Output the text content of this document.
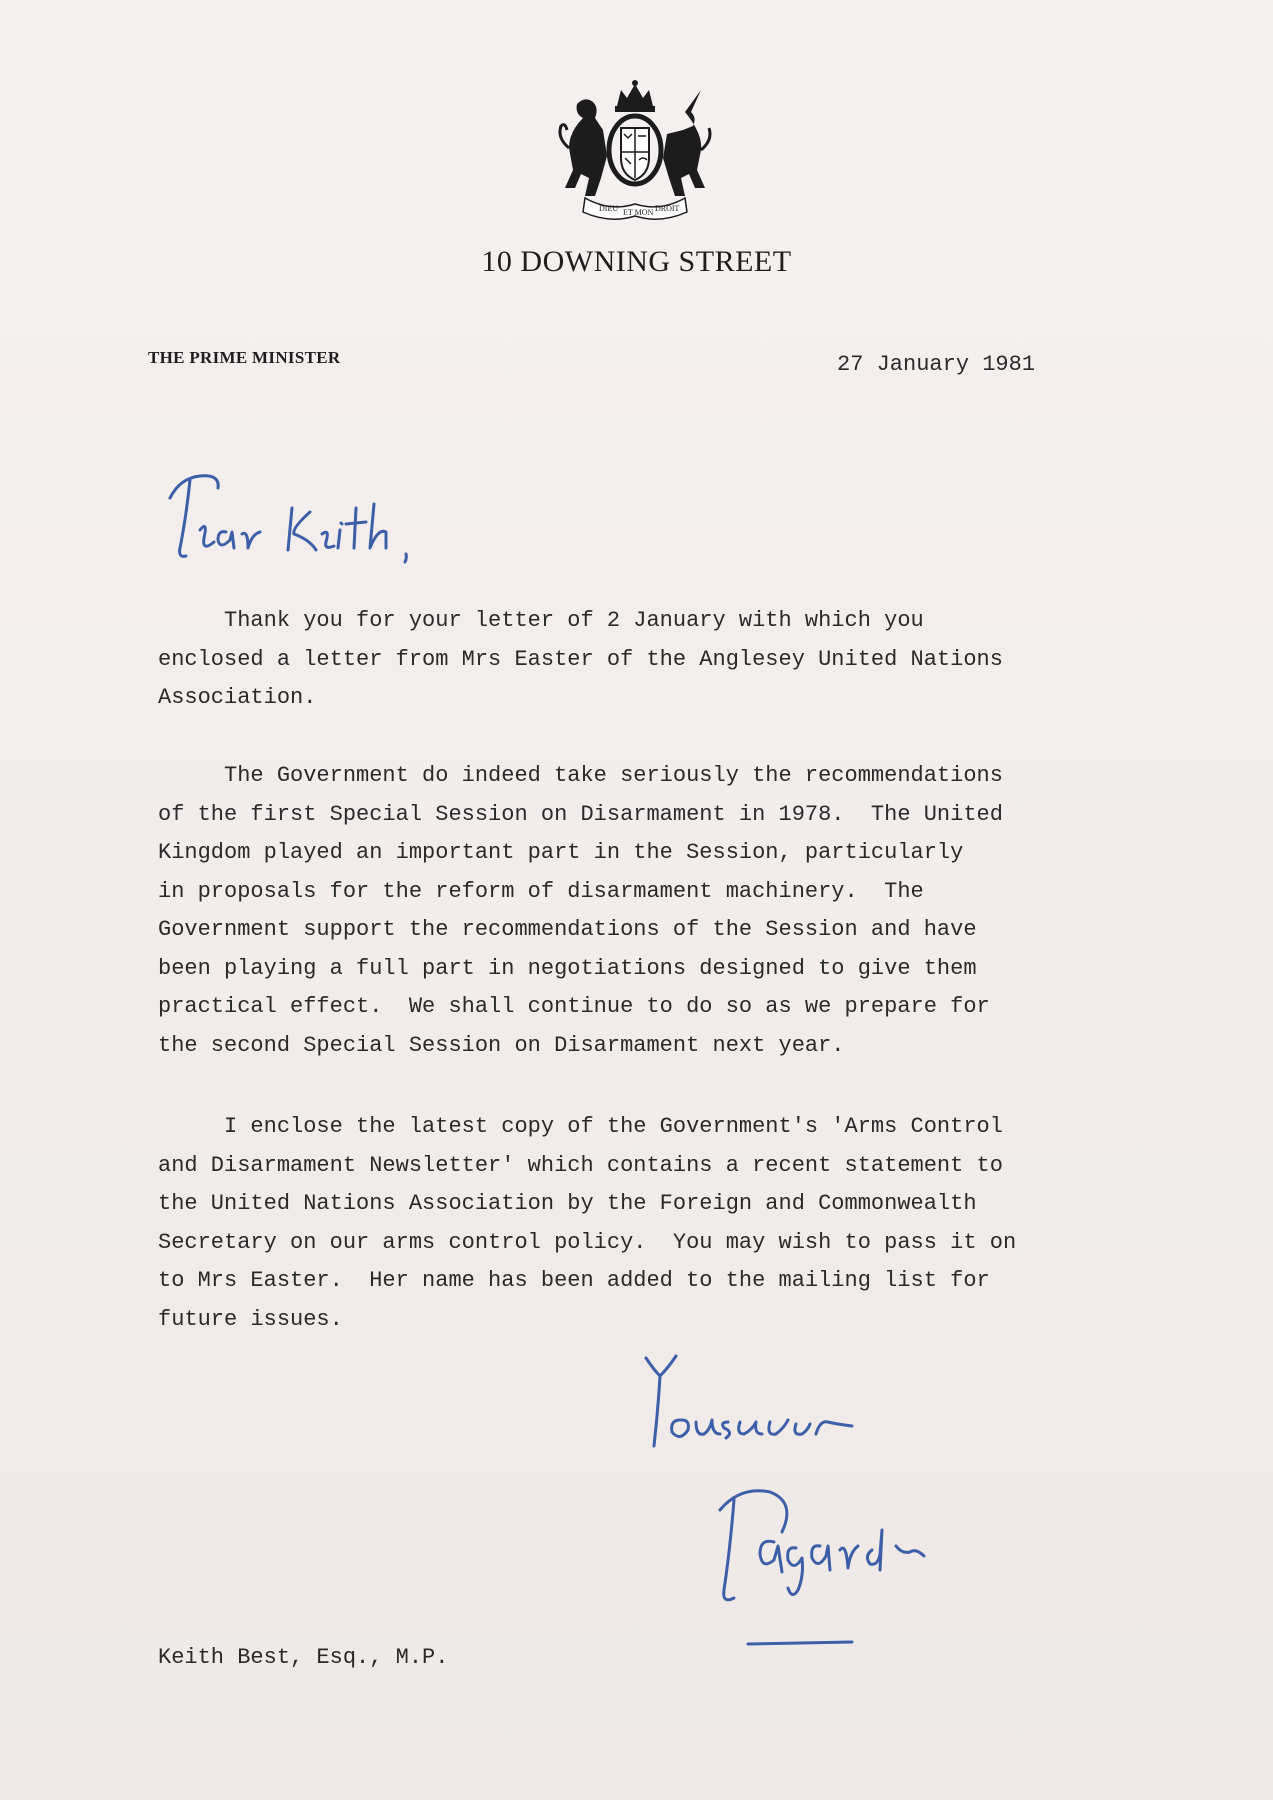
DIEU ET MON DROIT
10 DOWNING STREET
THE PRIME MINISTER	27 January 1981
Thank you for your letter of 2 January with which you
enclosed a letter from Mrs Easter of the Anglesey United Nations
Association.
The Government do indeed take seriously the recommendations
of the first Special Session on Disarmament in 1978.  The United
Kingdom played an important part in the Session, particularly
in proposals for the reform of disarmament machinery.  The
Government support the recommendations of the Session and have
been playing a full part in negotiations designed to give them
practical effect.  We shall continue to do so as we prepare for
the second Special Session on Disarmament next year.
I enclose the latest copy of the Government's 'Arms Control
and Disarmament Newsletter' which contains a recent statement to
the United Nations Association by the Foreign and Commonwealth
Secretary on our arms control policy.  You may wish to pass it on
to Mrs Easter.  Her name has been added to the mailing list for
future issues.
Keith Best, Esq., M.P.
